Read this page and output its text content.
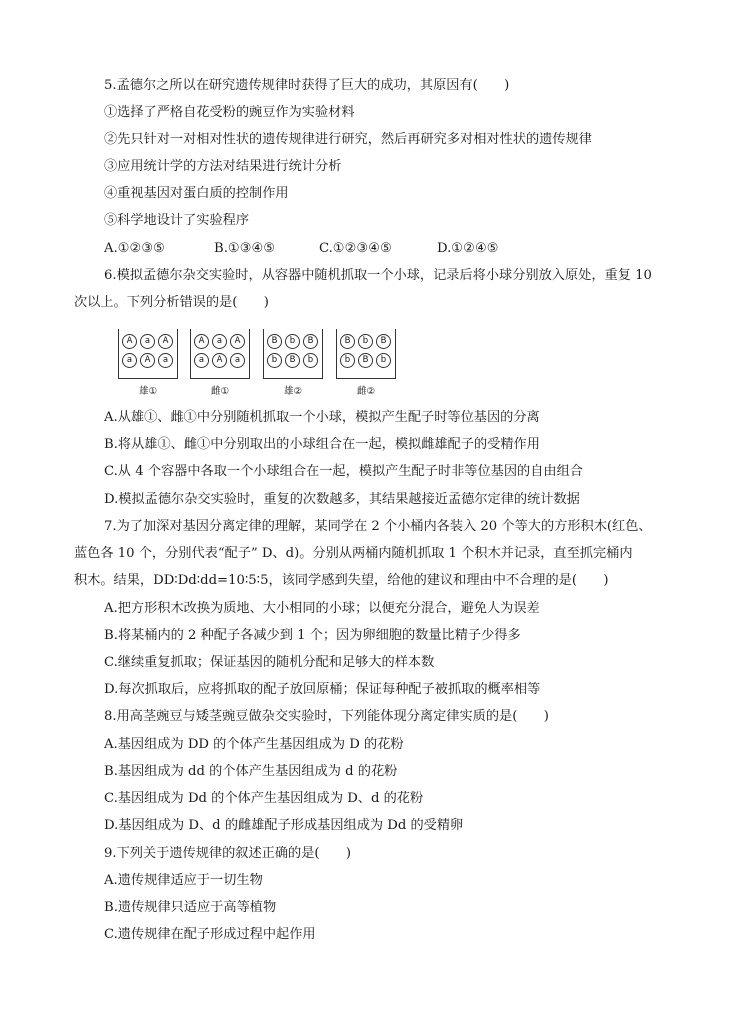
5.孟德尔之所以在研究遗传规律时获得了巨大的成功，其原因有(　　)
①选择了严格自花受粉的豌豆作为实验材料
②先只针对一对相对性状的遗传规律进行研究，然后再研究多对相对性状的遗传规律
③应用统计学的方法对结果进行统计分析
④重视基因对蛋白质的控制作用
⑤科学地设计了实验程序
A.①②③⑤	B.①③④⑤	C.①②③④⑤	D.①②④⑤
6.模拟孟德尔杂交实验时，从容器中随机抓取一个小球，记录后将小球分别放入原处，重复 10
次以上。下列分析错误的是(　　)
A	a	A
a	A	a
雄①
A	a	A
a	A	a
雌①
B	b	B
b	B	b
雄②
B	b	B
b	B	b
雌②
A.从雄①、雌①中分别随机抓取一个小球，模拟产生配子时等位基因的分离
B.将从雄①、雌①中分别取出的小球组合在一起，模拟雌雄配子的受精作用
C.从 4 个容器中各取一个小球组合在一起，模拟产生配子时非等位基因的自由组合
D.模拟孟德尔杂交实验时，重复的次数越多，其结果越接近孟德尔定律的统计数据
7.为了加深对基因分离定律的理解，某同学在 2 个小桶内各装入 20 个等大的方形积木(红色、
蓝色各 10 个，分别代表“配子” D、d)。分别从两桶内随机抓取 1 个积木并记录，直至抓完桶内
积木。结果，DD∶Dd∶dd=10∶5∶5，该同学感到失望，给他的建议和理由中不合理的是(　　)
A.把方形积木改换为质地、大小相同的小球；以便充分混合，避免人为误差
B.将某桶内的 2 种配子各减少到 1 个；因为卵细胞的数量比精子少得多
C.继续重复抓取；保证基因的随机分配和足够大的样本数
D.每次抓取后，应将抓取的配子放回原桶；保证每种配子被抓取的概率相等
8.用高茎豌豆与矮茎豌豆做杂交实验时，下列能体现分离定律实质的是(　　)
A.基因组成为 DD 的个体产生基因组成为 D 的花粉
B.基因组成为 dd 的个体产生基因组成为 d 的花粉
C.基因组成为 Dd 的个体产生基因组成为 D、d 的花粉
D.基因组成为 D、d 的雌雄配子形成基因组成为 Dd 的受精卵
9.下列关于遗传规律的叙述正确的是(　　)
A.遗传规律适应于一切生物
B.遗传规律只适应于高等植物
C.遗传规律在配子形成过程中起作用
